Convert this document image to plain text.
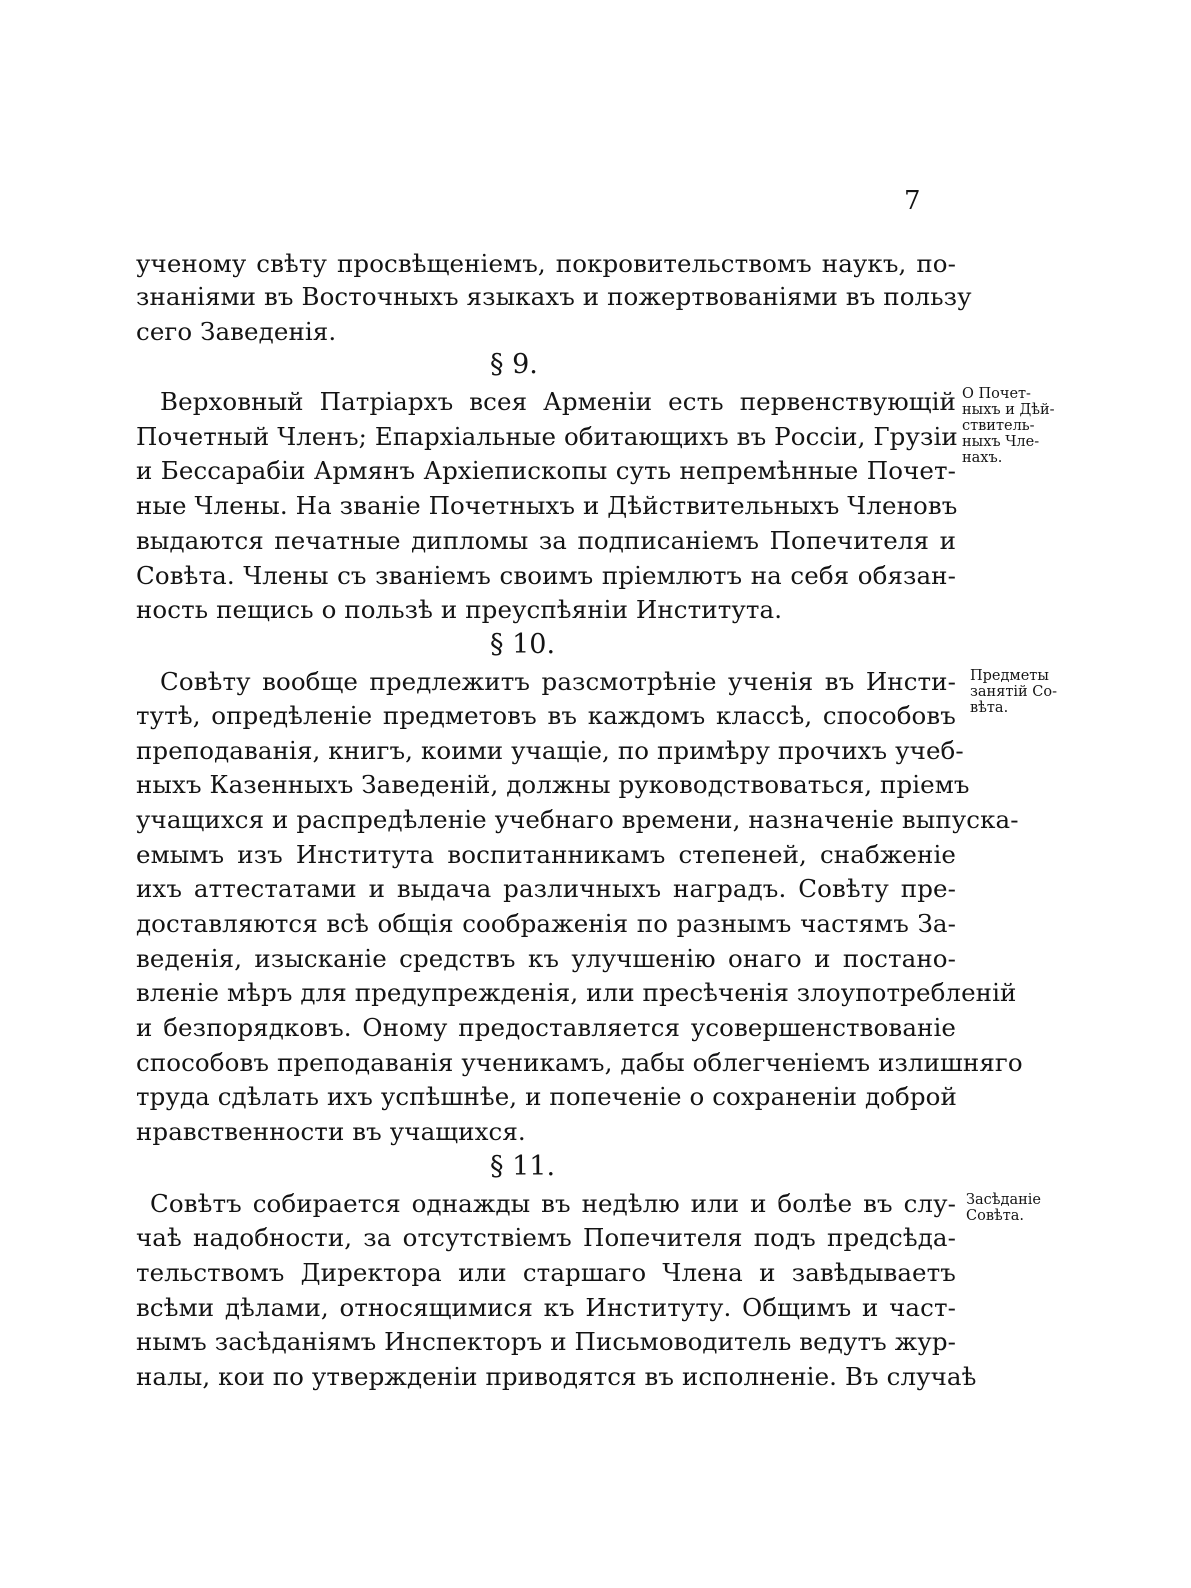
7
ученому свѣту просвѣщеніемъ, покровительствомъ наукъ, по-
знаніями въ Восточныхъ языкахъ и пожертвованіями въ пользу
сего Заведенія.
§ 9.
Верховный Патріархъ всея Арменіи есть первенствующій
Почетный Членъ; Епархіальные обитающихъ въ Россіи, Грузіи
и Бессарабіи Армянъ Архіепископы суть непремѣнные Почет-
ные Члены. На званіе Почетныхъ и Дѣйствительныхъ Членовъ
выдаются печатные дипломы за подписаніемъ Попечителя и
Совѣта. Члены съ званіемъ своимъ пріемлютъ на себя обязан-
ность пещись о пользѣ и преуспѣяніи Института.
О Почет-
ныхъ и Дѣй-
ствитель-
ныхъ Чле-
нахъ.
§ 10.
Совѣту вообще предлежитъ разсмотрѣніе ученія въ Инсти-
тутѣ, опредѣленіе предметовъ въ каждомъ классѣ, способовъ
преподаванія, книгъ, коими учащіе, по примѣру прочихъ учеб-
ныхъ Казенныхъ Заведеній, должны руководствоваться, пріемъ
учащихся и распредѣленіе учебнаго времени, назначеніе выпуска-
емымъ изъ Института воспитанникамъ степеней, снабженіе
ихъ аттестатами и выдача различныхъ наградъ. Совѣту пре-
доставляются всѣ общія соображенія по разнымъ частямъ За-
веденія, изысканіе средствъ къ улучшенію онаго и постано-
вленіе мѣръ для предупрежденія, или пресѣченія злоупотребленій
и безпорядковъ. Оному предоставляется усовершенствованіе
способовъ преподаванія ученикамъ, дабы облегченіемъ излишняго
труда сдѣлать ихъ успѣшнѣе, и попеченіе о сохраненіи доброй
нравственности въ учащихся.
Предметы
занятій Со-
вѣта.
§ 11.
Совѣтъ собирается однажды въ недѣлю или и болѣе въ слу-
чаѣ надобности, за отсутствіемъ Попечителя подъ предсѣда-
тельствомъ Директора или старшаго Члена и завѣдываетъ
всѣми дѣлами, относящимися къ Институту. Общимъ и част-
нымъ засѣданіямъ Инспекторъ и Письмоводитель ведутъ жур-
налы, кои по утвержденіи приводятся въ исполненіе. Въ случаѣ
Засѣданіе
Совѣта.
